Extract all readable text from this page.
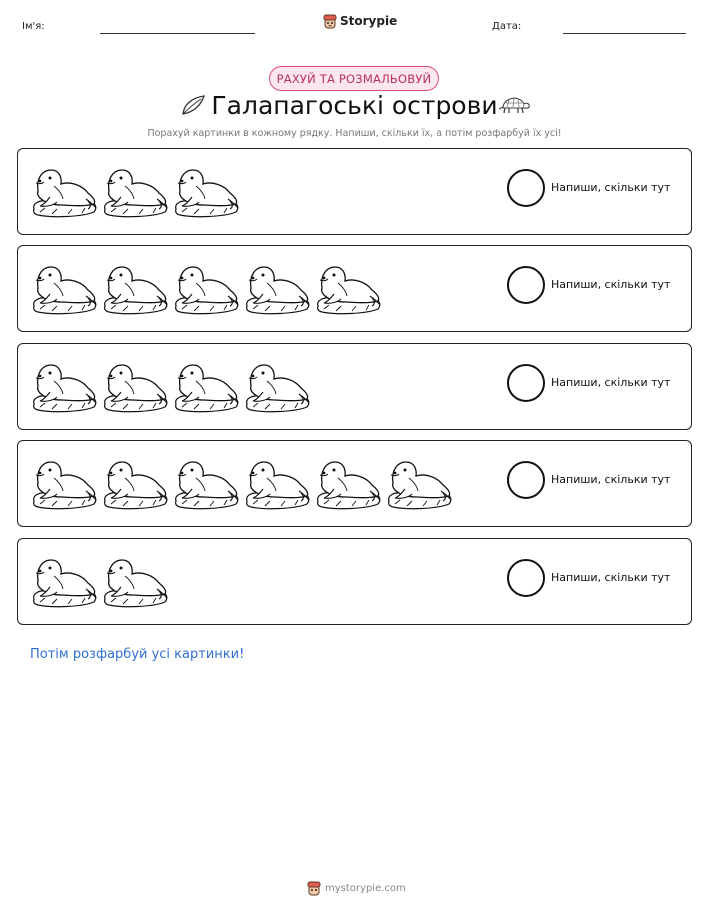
Ім'я:	Storypie	Дата:
РАХУЙ ТА РОЗМАЛЬОВУЙ
Галапагоські острови
Порахуй картинки в кожному рядку. Напиши, скільки їх, а потім розфарбуй їх усі!
Напиши, скільки тут
Напиши, скільки тут
Напиши, скільки тут
Напиши, скільки тут
Напиши, скільки тут
Потім розфарбуй усі картинки!
mystorypie.com
